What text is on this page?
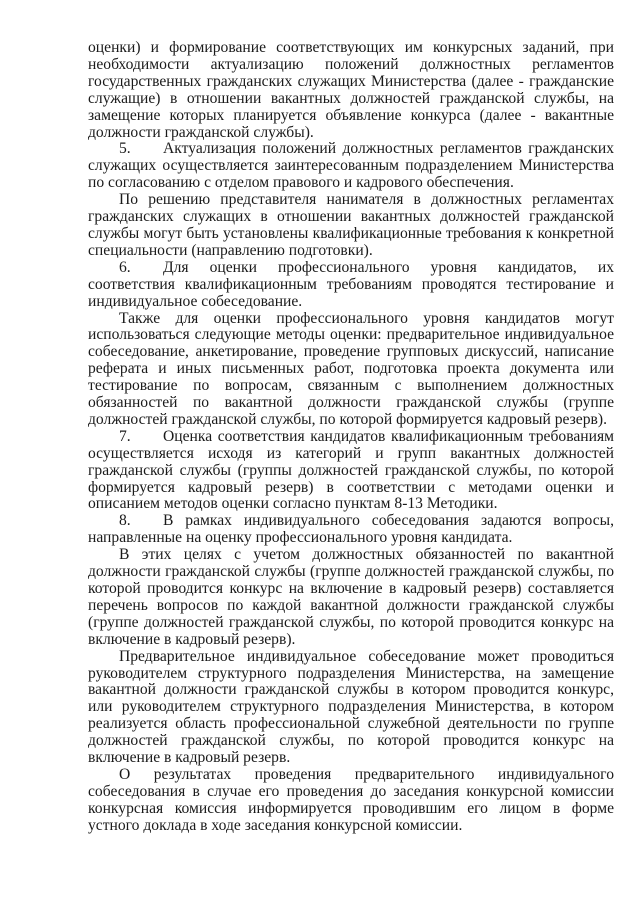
оценки) и формирование соответствующих им конкурсных заданий, при необходимости актуализацию положений должностных регламентов государственных гражданских служащих Министерства (далее - гражданские служащие) в отношении вакантных должностей гражданской службы, на замещение которых планируется объявление конкурса (далее - вакантные должности гражданской службы).

5. Актуализация положений должностных регламентов гражданских служащих осуществляется заинтересованным подразделением Министерства по согласованию с отделом правового и кадрового обеспечения.

По решению представителя нанимателя в должностных регламентах гражданских служащих в отношении вакантных должностей гражданской службы могут быть установлены квалификационные требования к конкретной специальности (направлению подготовки).

6. Для оценки профессионального уровня кандидатов, их соответствия квалификационным требованиям проводятся тестирование и индивидуальное собеседование.

Также для оценки профессионального уровня кандидатов могут использоваться следующие методы оценки: предварительное индивидуальное собеседование, анкетирование, проведение групповых дискуссий, написание реферата и иных письменных работ, подготовка проекта документа или тестирование по вопросам, связанным с выполнением должностных обязанностей по вакантной должности гражданской службы (группе должностей гражданской службы, по которой формируется кадровый резерв).

7. Оценка соответствия кандидатов квалификационным требованиям осуществляется исходя из категорий и групп вакантных должностей гражданской службы (группы должностей гражданской службы, по которой формируется кадровый резерв) в соответствии с методами оценки и описанием методов оценки согласно пунктам 8-13 Методики.

8. В рамках индивидуального собеседования задаются вопросы, направленные на оценку профессионального уровня кандидата.

В этих целях с учетом должностных обязанностей по вакантной должности гражданской службы (группе должностей гражданской службы, по которой проводится конкурс на включение в кадровый резерв) составляется перечень вопросов по каждой вакантной должности гражданской службы (группе должностей гражданской службы, по которой проводится конкурс на включение в кадровый резерв).

Предварительное индивидуальное собеседование может проводиться руководителем структурного подразделения Министерства, на замещение вакантной должности гражданской службы в котором проводится конкурс, или руководителем структурного подразделения Министерства, в котором реализуется область профессиональной служебной деятельности по группе должностей гражданской службы, по которой проводится конкурс на включение в кадровый резерв.

О результатах проведения предварительного индивидуального собеседования в случае его проведения до заседания конкурсной комиссии конкурсная комиссия информируется проводившим его лицом в форме устного доклада в ходе заседания конкурсной комиссии.
